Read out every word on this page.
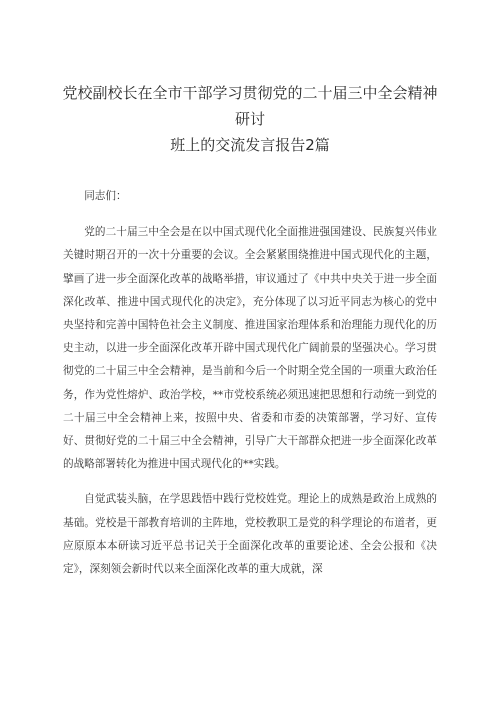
党校副校长在全市干部学习贯彻党的二十届三中全会精神研讨
班上的交流发言报告2篇

同志们：

党的二十届三中全会是在以中国式现代化全面推进强国建设、民族复兴伟业关键时期召开的一次十分重要的会议。全会紧紧围绕推进中国式现代化的主题，擘画了进一步全面深化改革的战略举措，审议通过了《中共中央关于进一步全面深化改革、推进中国式现代化的决定》，充分体现了以习近平同志为核心的党中央坚持和完善中国特色社会主义制度、推进国家治理体系和治理能力现代化的历史主动，以进一步全面深化改革开辟中国式现代化广阔前景的坚强决心。学习贯彻党的二十届三中全会精神，是当前和今后一个时期全党全国的一项重大政治任务，作为党性熔炉、政治学校，**市党校系统必须迅速把思想和行动统一到党的二十届三中全会精神上来，按照中央、省委和市委的决策部署，学习好、宣传好、贯彻好党的二十届三中全会精神，引导广大干部群众把进一步全面深化改革的战略部署转化为推进中国式现代化的**实践。

自觉武装头脑，在学思践悟中践行党校姓党。理论上的成熟是政治上成熟的基础。党校是干部教育培训的主阵地，党校教职工是党的科学理论的布道者，更应原原本本研读习近平总书记关于全面深化改革的重要论述、全会公报和《决定》，深刻领会新时代以来全面深化改革的重大成就，深
